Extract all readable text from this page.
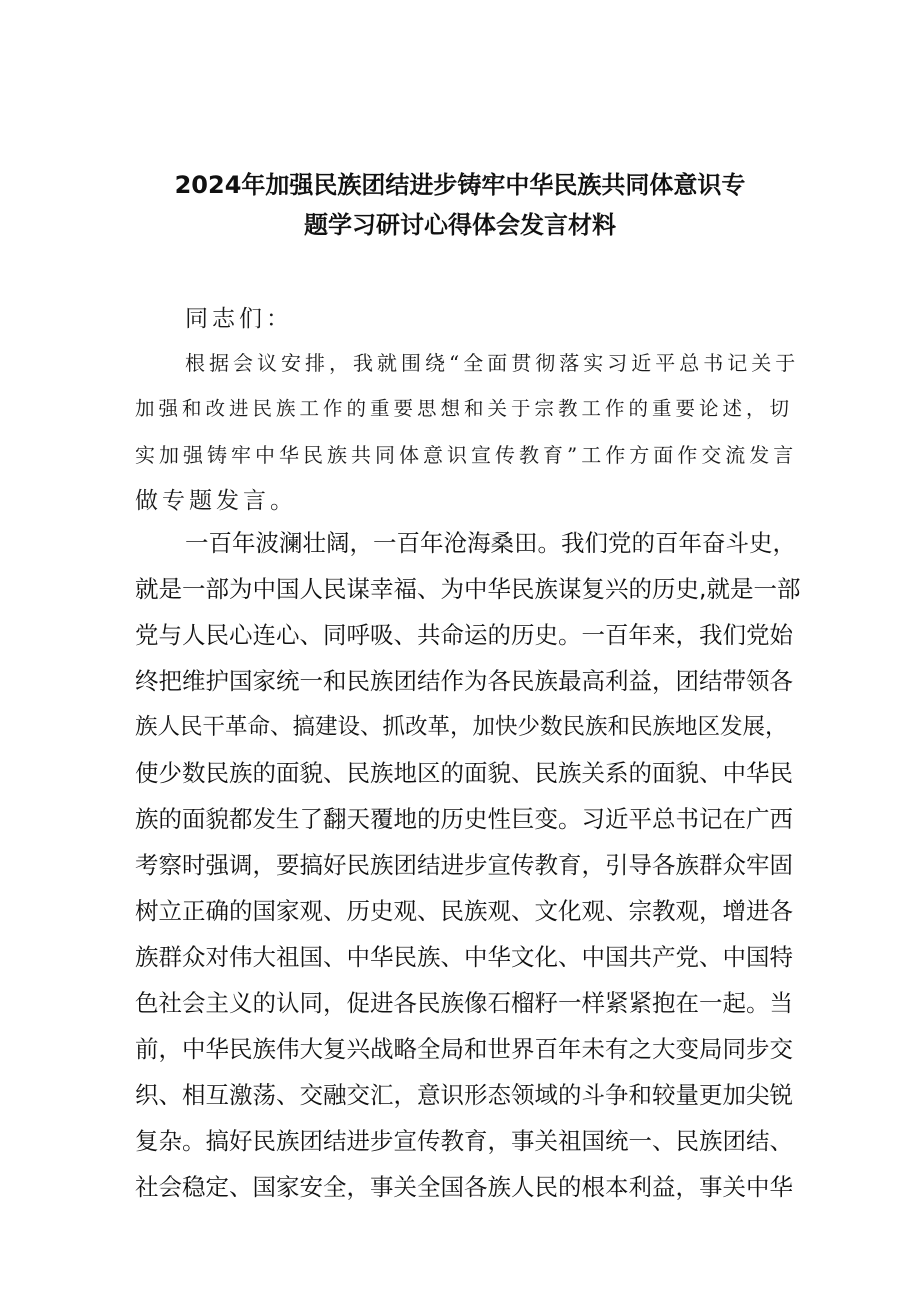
2024年加强民族团结进步铸牢中华民族共同体意识专
题学习研讨心得体会发言材料
同志们：
根据会议安排，我就围绕“全面贯彻落实习近平总书记关于
加强和改进民族工作的重要思想和关于宗教工作的重要论述，切
实加强铸牢中华民族共同体意识宣传教育”工作方面作交流发言
做专题发言。
一百年波澜壮阔，一百年沧海桑田。我们党的百年奋斗史，
就是一部为中国人民谋幸福、为中华民族谋复兴的历史,就是一部
党与人民心连心、同呼吸、共命运的历史。一百年来，我们党始
终把维护国家统一和民族团结作为各民族最高利益，团结带领各
族人民干革命、搞建设、抓改革，加快少数民族和民族地区发展，
使少数民族的面貌、民族地区的面貌、民族关系的面貌、中华民
族的面貌都发生了翻天覆地的历史性巨变。习近平总书记在广西
考察时强调，要搞好民族团结进步宣传教育，引导各族群众牢固
树立正确的国家观、历史观、民族观、文化观、宗教观，增进各
族群众对伟大祖国、中华民族、中华文化、中国共产党、中国特
色社会主义的认同，促进各民族像石榴籽一样紧紧抱在一起。当
前，中华民族伟大复兴战略全局和世界百年未有之大变局同步交
织、相互激荡、交融交汇，意识形态领域的斗争和较量更加尖锐
复杂。搞好民族团结进步宣传教育，事关祖国统一、民族团结、
社会稳定、国家安全，事关全国各族人民的根本利益，事关中华
